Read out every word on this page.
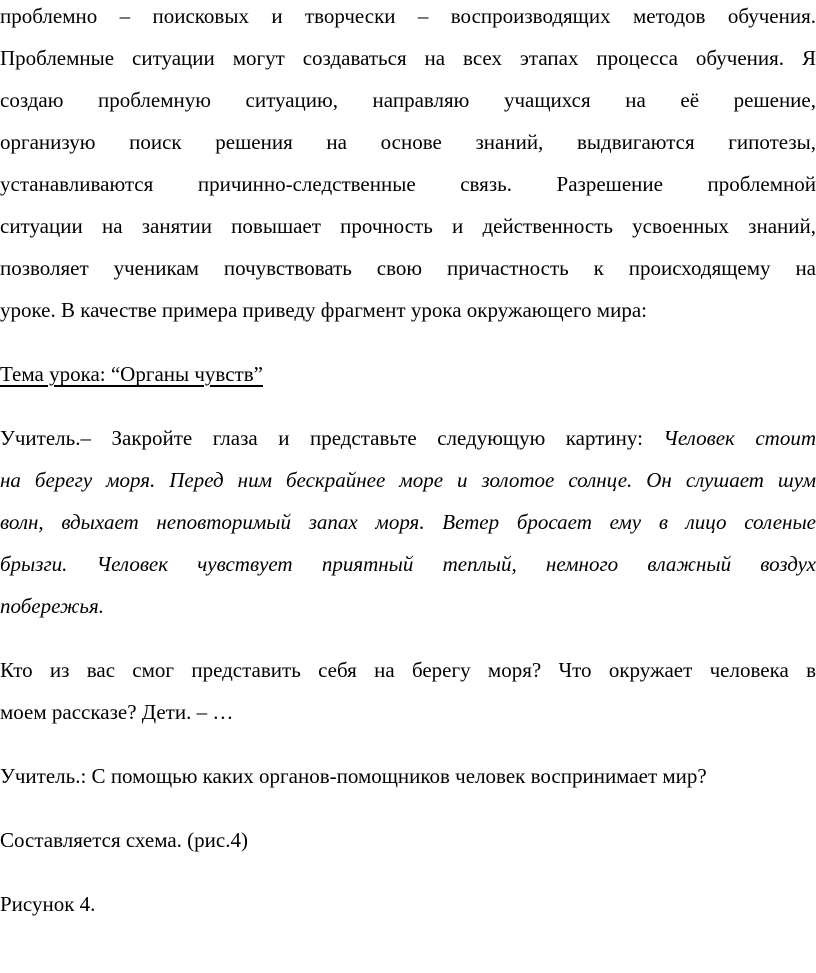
проблемно – поисковых и творчески – воспроизводящих методов обучения.
Проблемные ситуации могут создаваться на всех этапах процесса обучения. Я
создаю проблемную ситуацию, направляю учащихся на её решение,
организую поиск решения на основе знаний, выдвигаются гипотезы,
устанавливаются причинно-следственные связь. Разрешение проблемной
ситуации на занятии повышает прочность и действенность усвоенных знаний,
позволяет ученикам почувствовать свою причастность к происходящему на
уроке. В качестве примера приведу фрагмент урока окружающего мира:

Тема урока: “Органы чувств”

Учитель.– Закройте глаза и представьте следующую картину: Человек стоит
на берегу моря. Перед ним бескрайнее море и золотое солнце. Он слушает шум
волн, вдыхает неповторимый запах моря. Ветер бросает ему в лицо соленые
брызги. Человек чувствует приятный теплый, немного влажный воздух
побережья.
Кто из вас смог представить себя на берегу моря? Что окружает человека в
моем рассказе? Дети. – …

Учитель.: С помощью каких органов-помощников человек воспринимает мир?

Составляется схема. (рис.4)

Рисунок 4.
